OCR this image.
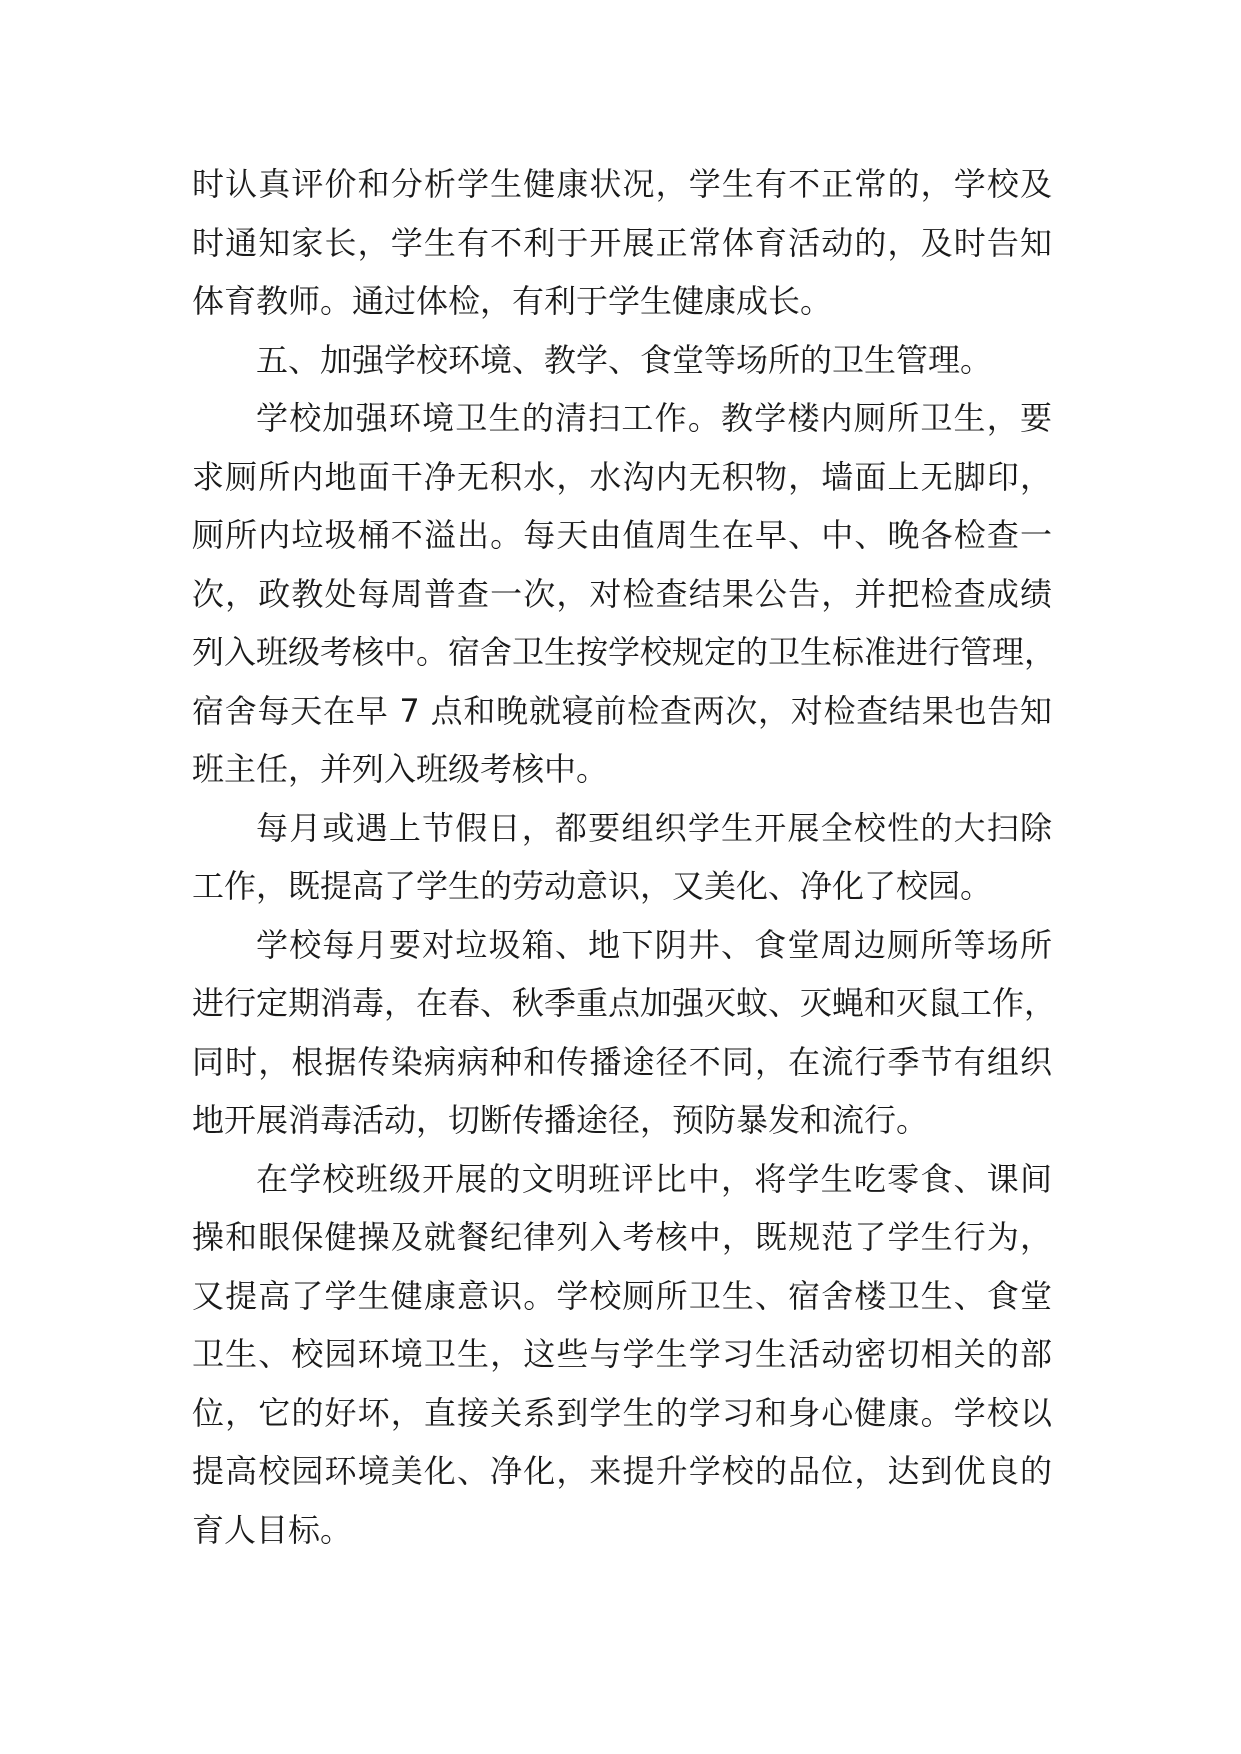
时认真评价和分析学生健康状况，学生有不正常的，学校及
时通知家长，学生有不利于开展正常体育活动的，及时告知
体育教师。通过体检，有利于学生健康成长。
五、加强学校环境、教学、食堂等场所的卫生管理。
学校加强环境卫生的清扫工作。教学楼内厕所卫生，要
求厕所内地面干净无积水，水沟内无积物，墙面上无脚印，
厕所内垃圾桶不溢出。每天由值周生在早、中、晚各检查一
次，政教处每周普查一次，对检查结果公告，并把检查成绩
列入班级考核中。宿舍卫生按学校规定的卫生标准进行管理，
宿舍每天在早 7 点和晚就寝前检查两次，对检查结果也告知
班主任，并列入班级考核中。
每月或遇上节假日，都要组织学生开展全校性的大扫除
工作，既提高了学生的劳动意识，又美化、净化了校园。
学校每月要对垃圾箱、地下阴井、食堂周边厕所等场所
进行定期消毒，在春、秋季重点加强灭蚊、灭蝇和灭鼠工作，
同时，根据传染病病种和传播途径不同，在流行季节有组织
地开展消毒活动，切断传播途径，预防暴发和流行。
在学校班级开展的文明班评比中，将学生吃零食、课间
操和眼保健操及就餐纪律列入考核中，既规范了学生行为，
又提高了学生健康意识。学校厕所卫生、宿舍楼卫生、食堂
卫生、校园环境卫生，这些与学生学习生活动密切相关的部
位，它的好坏，直接关系到学生的学习和身心健康。学校以
提高校园环境美化、净化，来提升学校的品位，达到优良的
育人目标。
